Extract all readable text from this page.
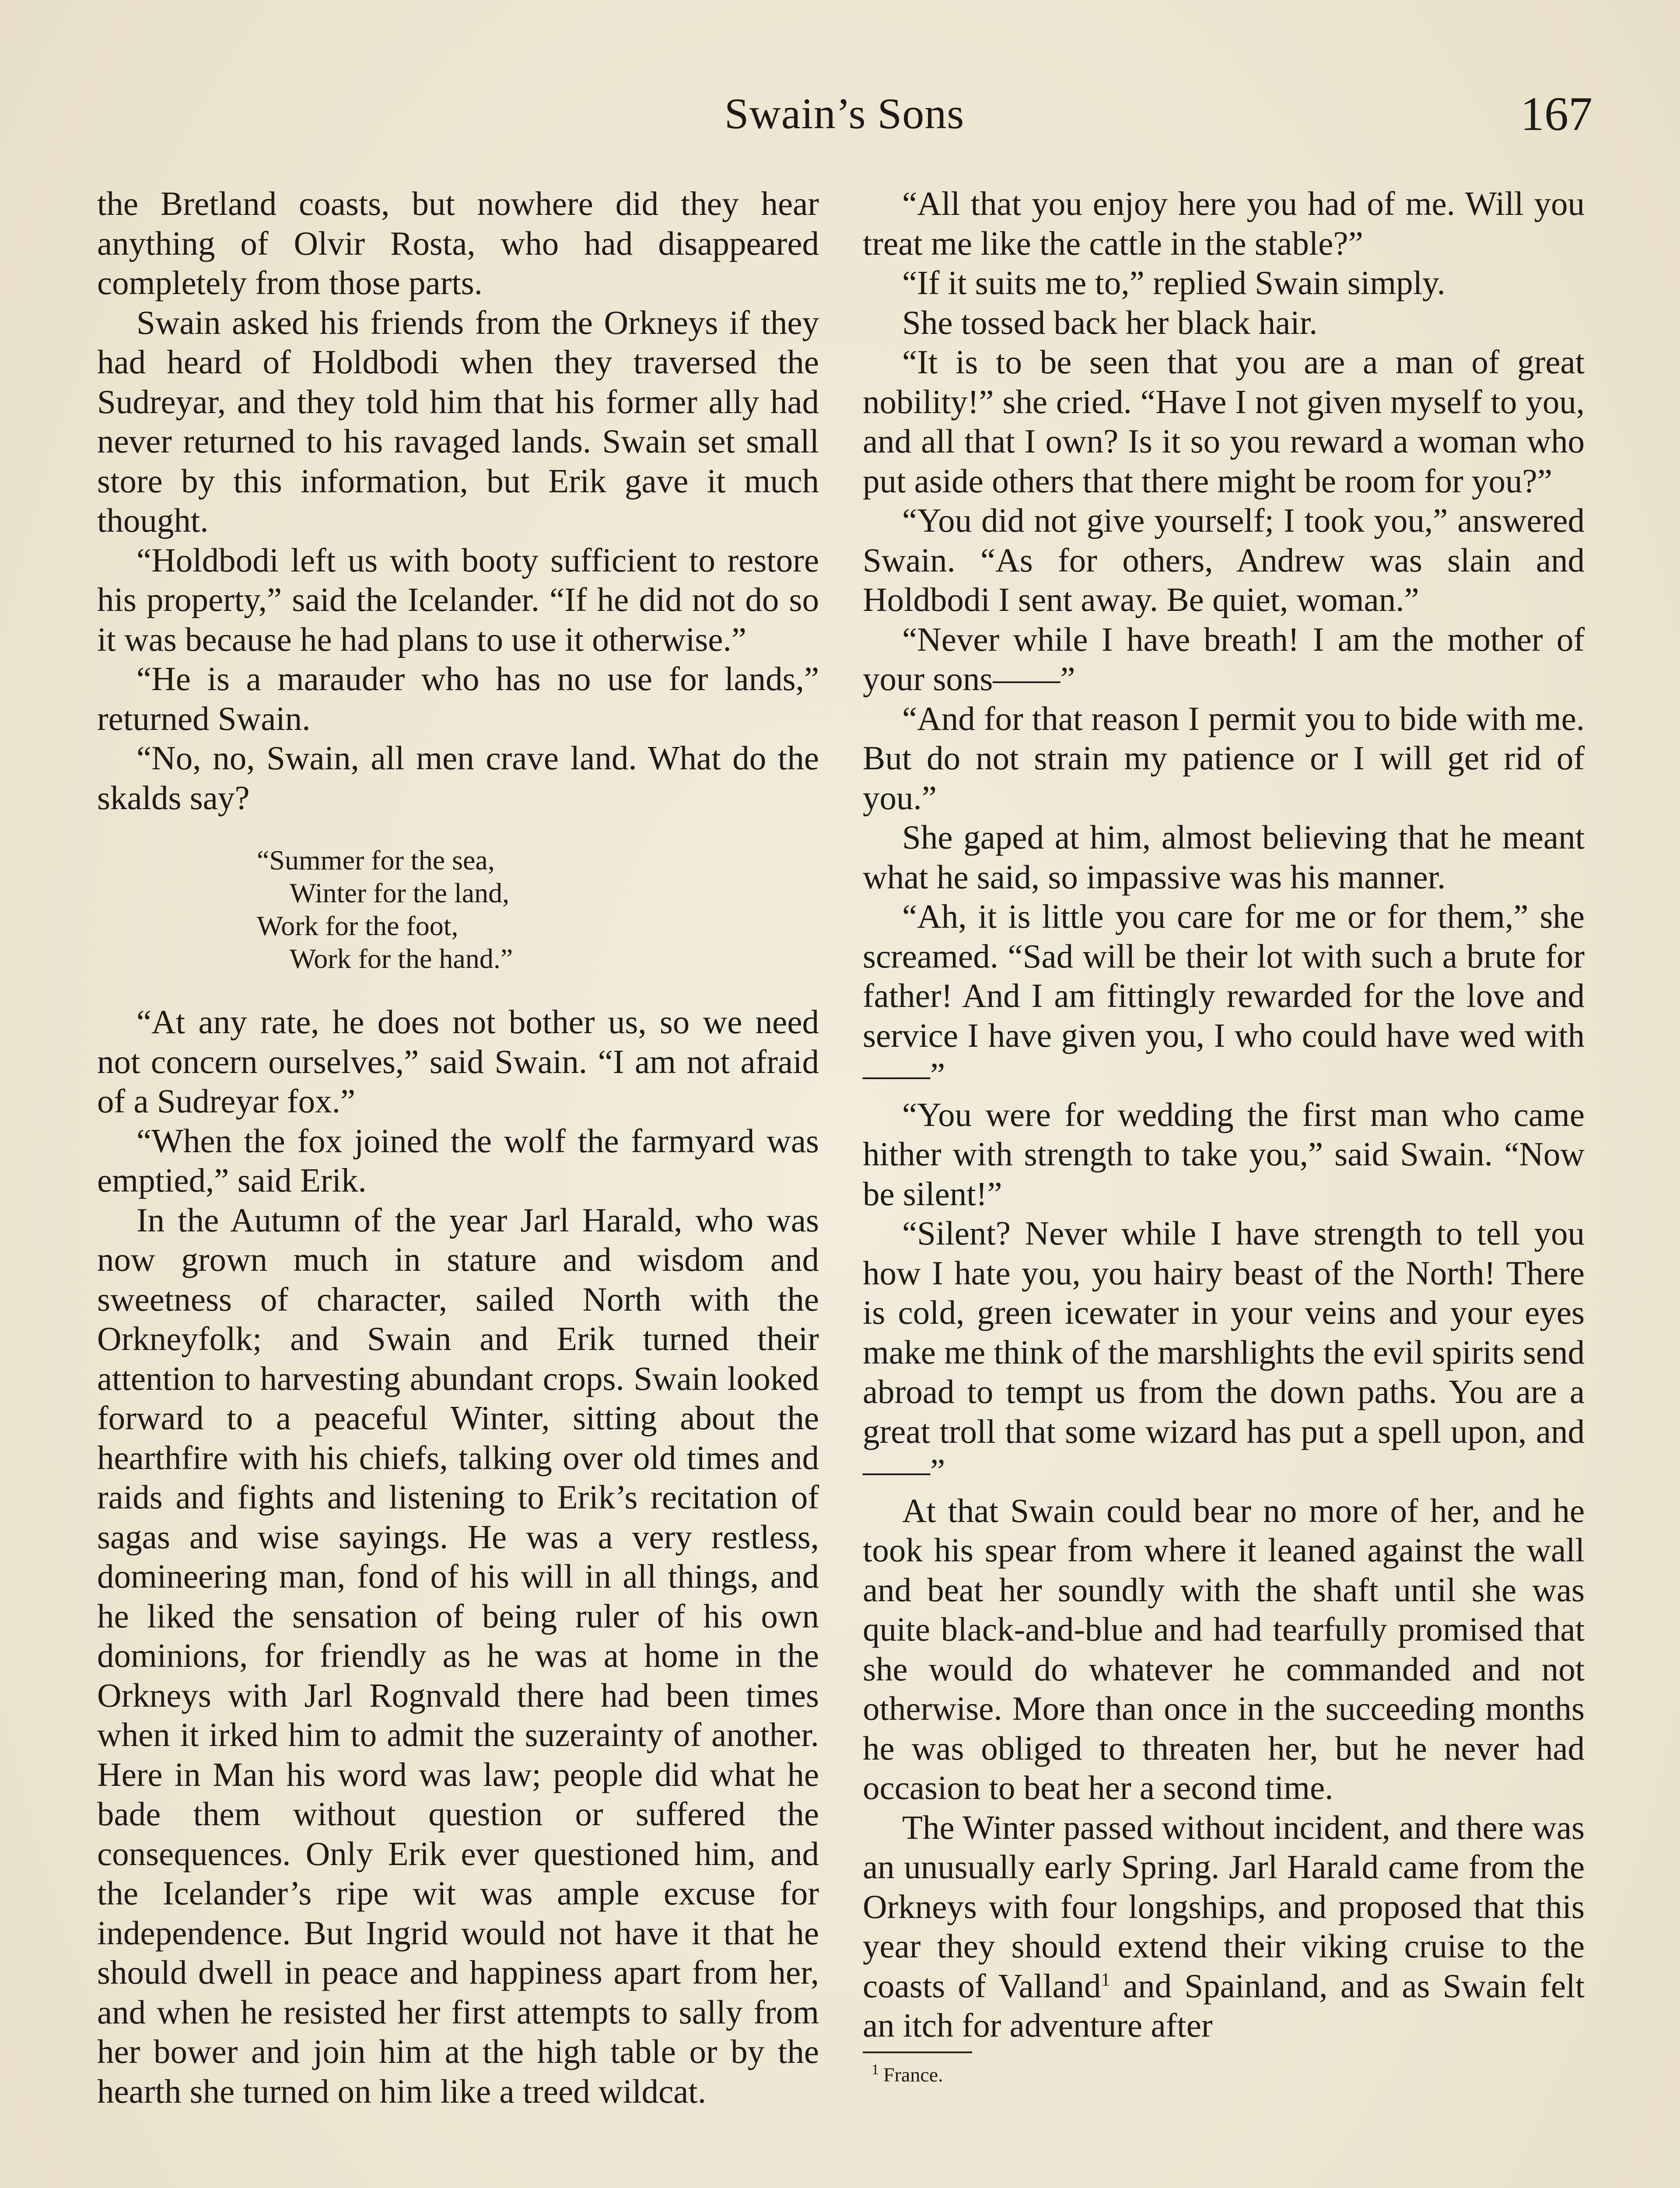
Swain’s Sons	167

the Bretland coasts, but nowhere did they hear anything of Olvir Rosta, who had disappeared completely from those parts.

Swain asked his friends from the Orkneys if they had heard of Holdbodi when they traversed the Sudreyar, and they told him that his former ally had never returned to his ravaged lands. Swain set small store by this information, but Erik gave it much thought.

“Holdbodi left us with booty sufficient to restore his property,” said the Icelander. “If he did not do so it was because he had plans to use it otherwise.”

“He is a marauder who has no use for lands,” returned Swain.

“No, no, Swain, all men crave land. What do the skalds say?

“Summer for the sea,
Winter for the land,
Work for the foot,
Work for the hand.”

“At any rate, he does not bother us, so we need not concern ourselves,” said Swain. “I am not afraid of a Sudreyar fox.”

“When the fox joined the wolf the farmyard was emptied,” said Erik.

In the Autumn of the year Jarl Harald, who was now grown much in stature and wisdom and sweetness of character, sailed North with the Orkneyfolk; and Swain and Erik turned their attention to harvesting abundant crops. Swain looked forward to a peaceful Winter, sitting about the hearthfire with his chiefs, talking over old times and raids and fights and listening to Erik’s recitation of sagas and wise sayings. He was a very restless, domineering man, fond of his will in all things, and he liked the sensation of being ruler of his own dominions, for friendly as he was at home in the Orkneys with Jarl Rognvald there had been times when it irked him to admit the suzerainty of another. Here in Man his word was law; people did what he bade them without question or suffered the consequences. Only Erik ever questioned him, and the Icelander’s ripe wit was ample excuse for independence. But Ingrid would not have it that he should dwell in peace and happiness apart from her, and when he resisted her first attempts to sally from her bower and join him at the high table or by the hearth she turned on him like a treed wildcat.

“All that you enjoy here you had of me. Will you treat me like the cattle in the stable?”

“If it suits me to,” replied Swain simply.

She tossed back her black hair.

“It is to be seen that you are a man of great nobility!” she cried. “Have I not given myself to you, and all that I own? Is it so you reward a woman who put aside others that there might be room for you?”

“You did not give yourself; I took you,” answered Swain. “As for others, Andrew was slain and Holdbodi I sent away. Be quiet, woman.”

“Never while I have breath! I am the mother of your sons——”

“And for that reason I permit you to bide with me. But do not strain my patience or I will get rid of you.”

She gaped at him, almost believing that he meant what he said, so impassive was his manner.

“Ah, it is little you care for me or for them,” she screamed. “Sad will be their lot with such a brute for father! And I am fittingly rewarded for the love and service I have given you, I who could have wed with——”

“You were for wedding the first man who came hither with strength to take you,” said Swain. “Now be silent!”

“Silent? Never while I have strength to tell you how I hate you, you hairy beast of the North! There is cold, green icewater in your veins and your eyes make me think of the marshlights the evil spirits send abroad to tempt us from the down paths. You are a great troll that some wizard has put a spell upon, and——”

At that Swain could bear no more of her, and he took his spear from where it leaned against the wall and beat her soundly with the shaft until she was quite black-and-blue and had tearfully promised that she would do whatever he commanded and not otherwise. More than once in the succeeding months he was obliged to threaten her, but he never had occasion to beat her a second time.

The Winter passed without incident, and there was an unusually early Spring. Jarl Harald came from the Orkneys with four longships, and proposed that this year they should extend their viking cruise to the coasts of Valland$^1$ and Spainland, and as Swain felt an itch for adventure after

$^1$ France.
